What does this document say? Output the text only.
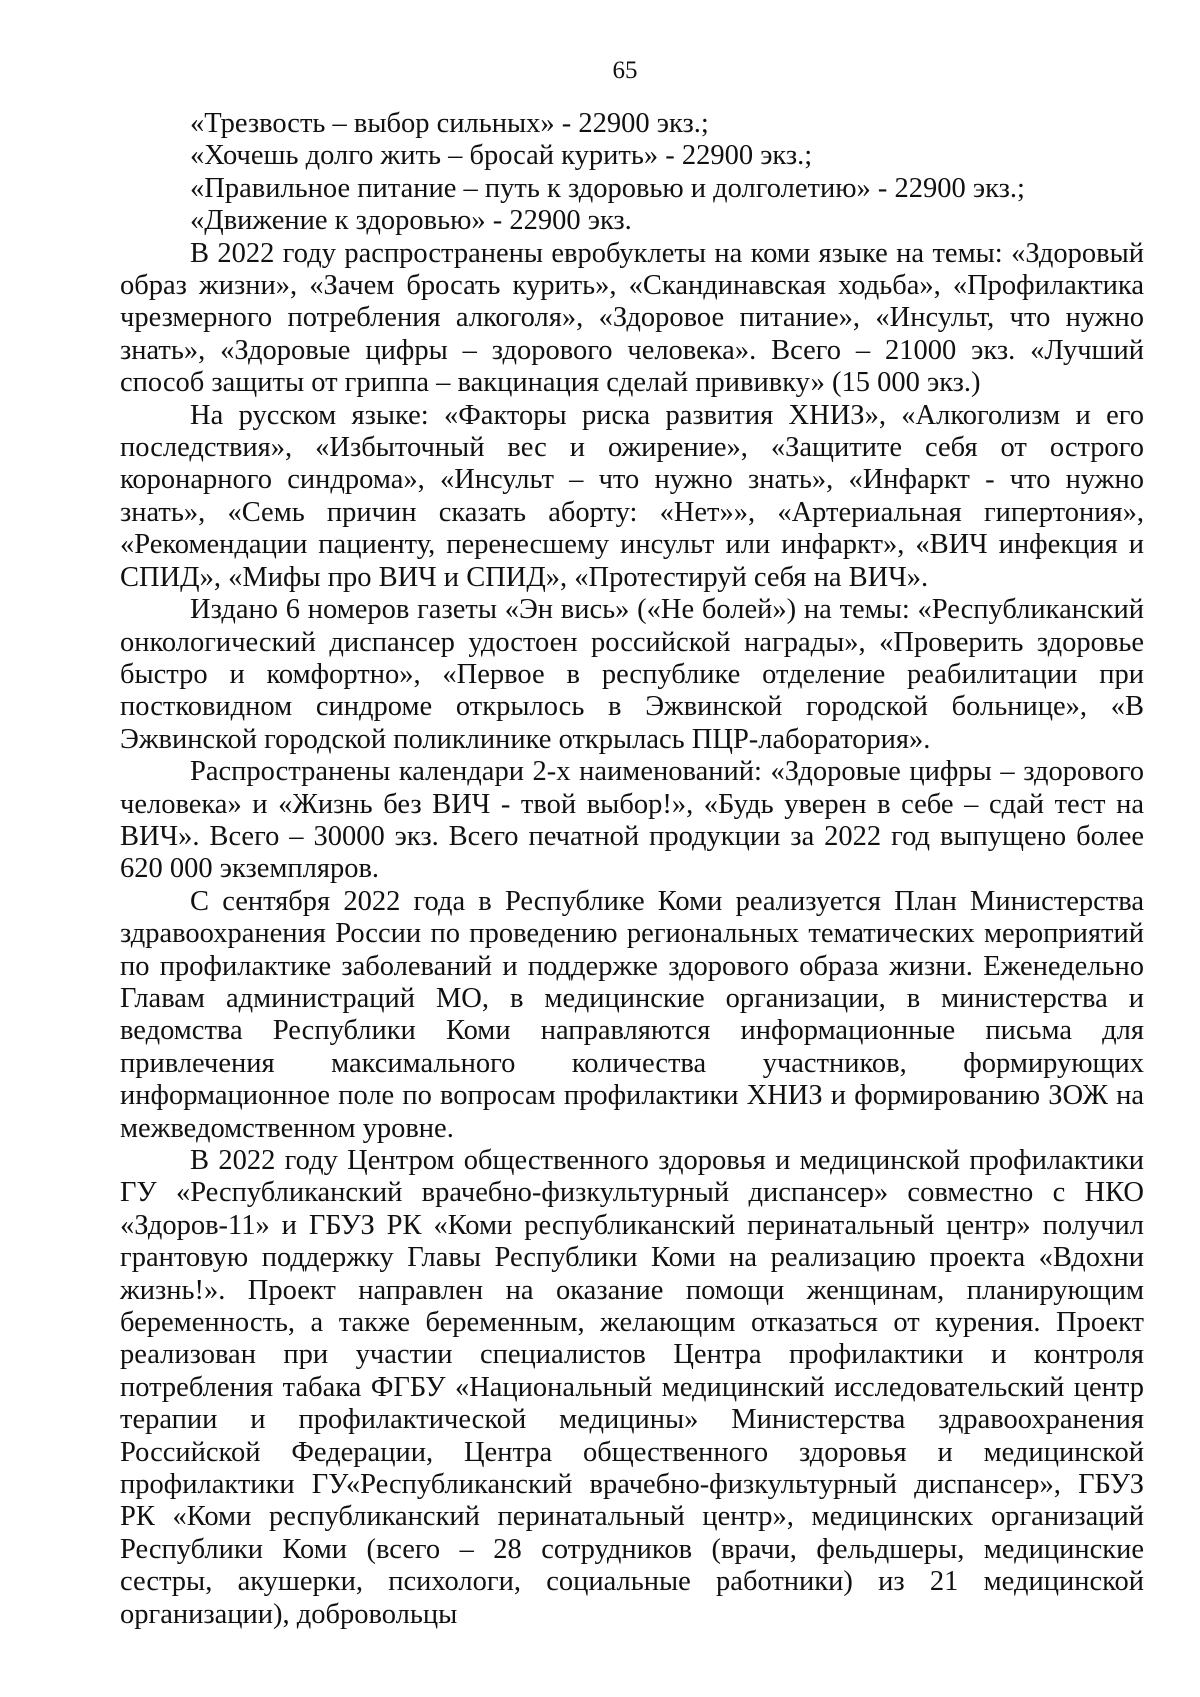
65

«Трезвость – выбор сильных» - 22900 экз.;

«Хочешь долго жить – бросай курить» - 22900 экз.;

«Правильное питание – путь к здоровью и долголетию» - 22900 экз.;

«Движение к здоровью» - 22900 экз.

В 2022 году распространены евробуклеты на коми языке на темы: «Здоровый образ жизни», «Зачем бросать курить», «Скандинавская ходьба», «Профилактика чрезмерного потребления алкоголя», «Здоровое питание», «Инсульт, что нужно знать», «Здоровые цифры – здорового человека». Всего – 21000 экз. «Лучший способ защиты от гриппа – вакцинация сделай прививку» (15 000 экз.)

На русском языке: «Факторы риска развития ХНИЗ», «Алкоголизм и его последствия», «Избыточный вес и ожирение», «Защитите себя от острого коронарного синдрома», «Инсульт – что нужно знать», «Инфаркт - что нужно знать», «Семь причин сказать аборту: «Нет»», «Артериальная гипертония», «Рекомендации пациенту, перенесшему инсульт или инфаркт», «ВИЧ инфекция и СПИД», «Мифы про ВИЧ и СПИД», «Протестируй себя на ВИЧ».

Издано 6 номеров газеты «Эн вись» («Не болей») на темы: «Республиканский онкологический диспансер удостоен российской награды», «Проверить здоровье быстро и комфортно», «Первое в республике отделение реабилитации при постковидном синдроме открылось в Эжвинской городской больнице», «В Эжвинской городской поликлинике открылась ПЦР-лаборатория».

Распространены календари 2-х наименований: «Здоровые цифры – здорового человека» и «Жизнь без ВИЧ - твой выбор!», «Будь уверен в себе – сдай тест на ВИЧ». Всего – 30000 экз. Всего печатной продукции за 2022 год выпущено более 620 000 экземпляров.

С сентября 2022 года в Республике Коми реализуется План Министерства здравоохранения России по проведению региональных тематических мероприятий по профилактике заболеваний и поддержке здорового образа жизни. Еженедельно Главам администраций МО, в медицинские организации, в министерства и ведомства Республики Коми направляются информационные письма для привлечения максимального количества участников, формирующих информационное поле по вопросам профилактики ХНИЗ и формированию ЗОЖ на межведомственном уровне.

В 2022 году Центром общественного здоровья и медицинской профилактики ГУ «Республиканский врачебно-физкультурный диспансер» совместно с НКО «Здоров-11» и ГБУЗ РК «Коми республиканский перинатальный центр» получил грантовую поддержку Главы Республики Коми на реализацию проекта «Вдохни жизнь!». Проект направлен на оказание помощи женщинам, планирующим беременность, а также беременным, желающим отказаться от курения. Проект реализован при участии специалистов Центра профилактики и контроля потребления табака ФГБУ «Национальный медицинский исследовательский центр терапии и профилактической медицины» Министерства здравоохранения Российской Федерации, Центра общественного здоровья и медицинской профилактики ГУ«Республиканский врачебно-физкультурный диспансер», ГБУЗ РК «Коми республиканский перинатальный центр», медицинских организаций Республики Коми (всего – 28 сотрудников (врачи, фельдшеры, медицинские сестры, акушерки, психологи, социальные работники) из 21 медицинской организации), добровольцы
